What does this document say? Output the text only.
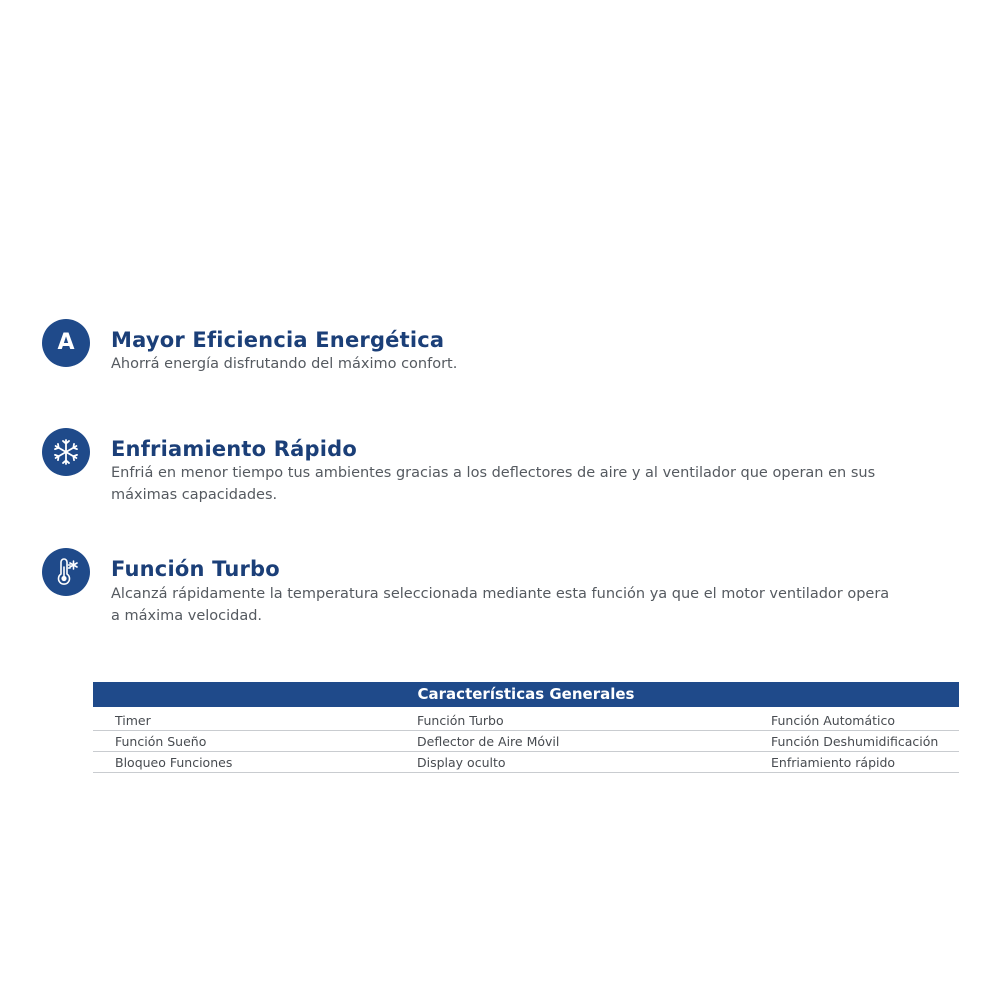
A Mayor Eficiencia Energética

Ahorrá energía disfrutando del máximo confort.

Enfriamiento Rápido

Enfriá en menor tiempo tus ambientes gracias a los deflectores de aire y al ventilador que operan en sus máximas capacidades.

Función Turbo

Alcanzá rápidamente la temperatura seleccionada mediante esta función ya que el motor ventilador opera a máxima velocidad.

Características Generales
Timer	Función Turbo	Función Automático
Función Sueño	Deflector de Aire Móvil	Función Deshumidificación
Bloqueo Funciones	Display oculto	Enfriamiento rápido
